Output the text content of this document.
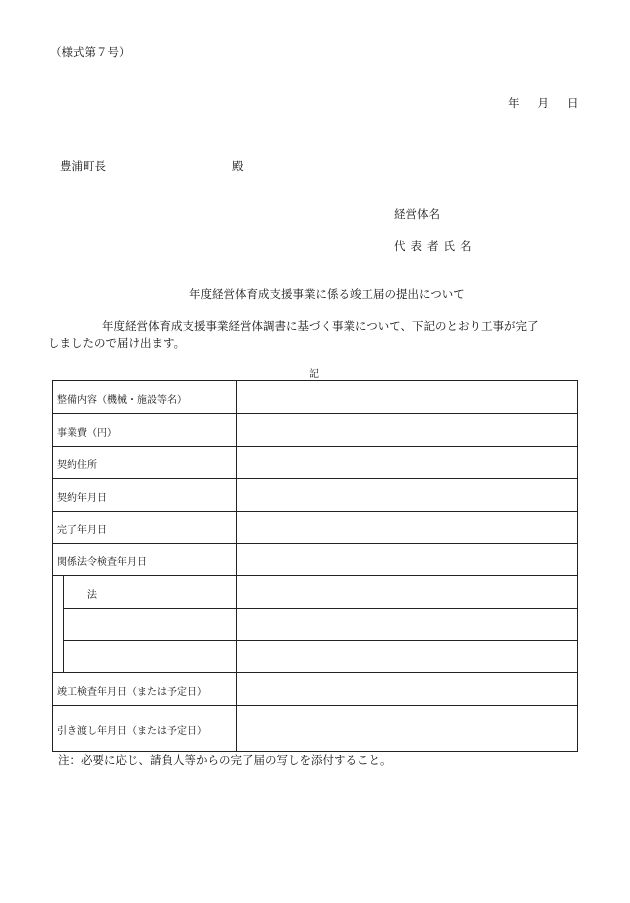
（様式第７号）
年 月 日
豊浦町長	殿
経営体名
代表者氏名
年度経営体育成支援事業に係る竣工届の提出について
年度経営体育成支援事業経営体調書に基づく事業について、下記のとおり工事が完了
しましたので届け出ます。
記
整備内容（機械・施設等名）
事業費（円）
契約住所
契約年月日
完了年月日
関係法令検査年月日
法
竣工検査年月日（または予定日）
引き渡し年月日（または予定日）
注：必要に応じ、請負人等からの完了届の写しを添付すること。
